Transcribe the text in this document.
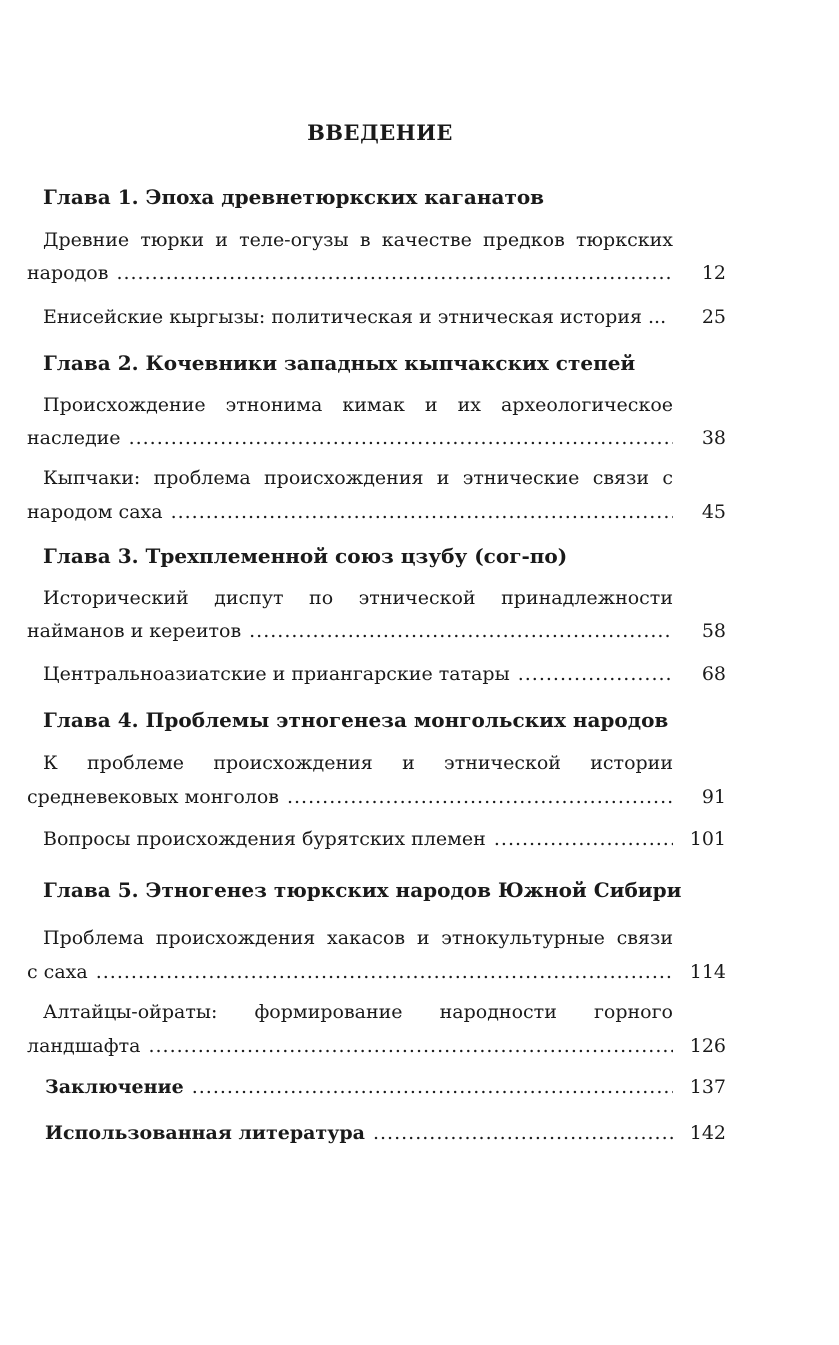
ВВЕДЕНИЕ
Глава 1. Эпоха древнетюркских каганатов
Древние тюрки и теле-огузы в качестве предков тюркских
народов .....	12
Енисейские кыргызы: политическая и этническая история ...	25
Глава 2. Кочевники западных кыпчакских степей
Происхождение этнонима кимак и их археологическое
наследие .....	38
Кыпчаки: проблема происхождения и этнические связи с
народом саха .....	45
Глава 3. Трехплеменной союз цзубу (сог-по)
Исторический диспут по этнической принадлежности
найманов и кереитов .....	58
Центральноазиатские и приангарские татары .....	68
Глава 4. Проблемы этногенеза монгольских народов
К проблеме происхождения и этнической истории
средневековых монголов .....	91
Вопросы происхождения бурятских племен .....	101
Глава 5. Этногенез тюркских народов Южной Сибири
Проблема происхождения хакасов и этнокультурные связи
с саха .....	114
Алтайцы-ойраты: формирование народности горного
ландшафта .....	126
Заключение .....	137
Использованная литература .....	142
